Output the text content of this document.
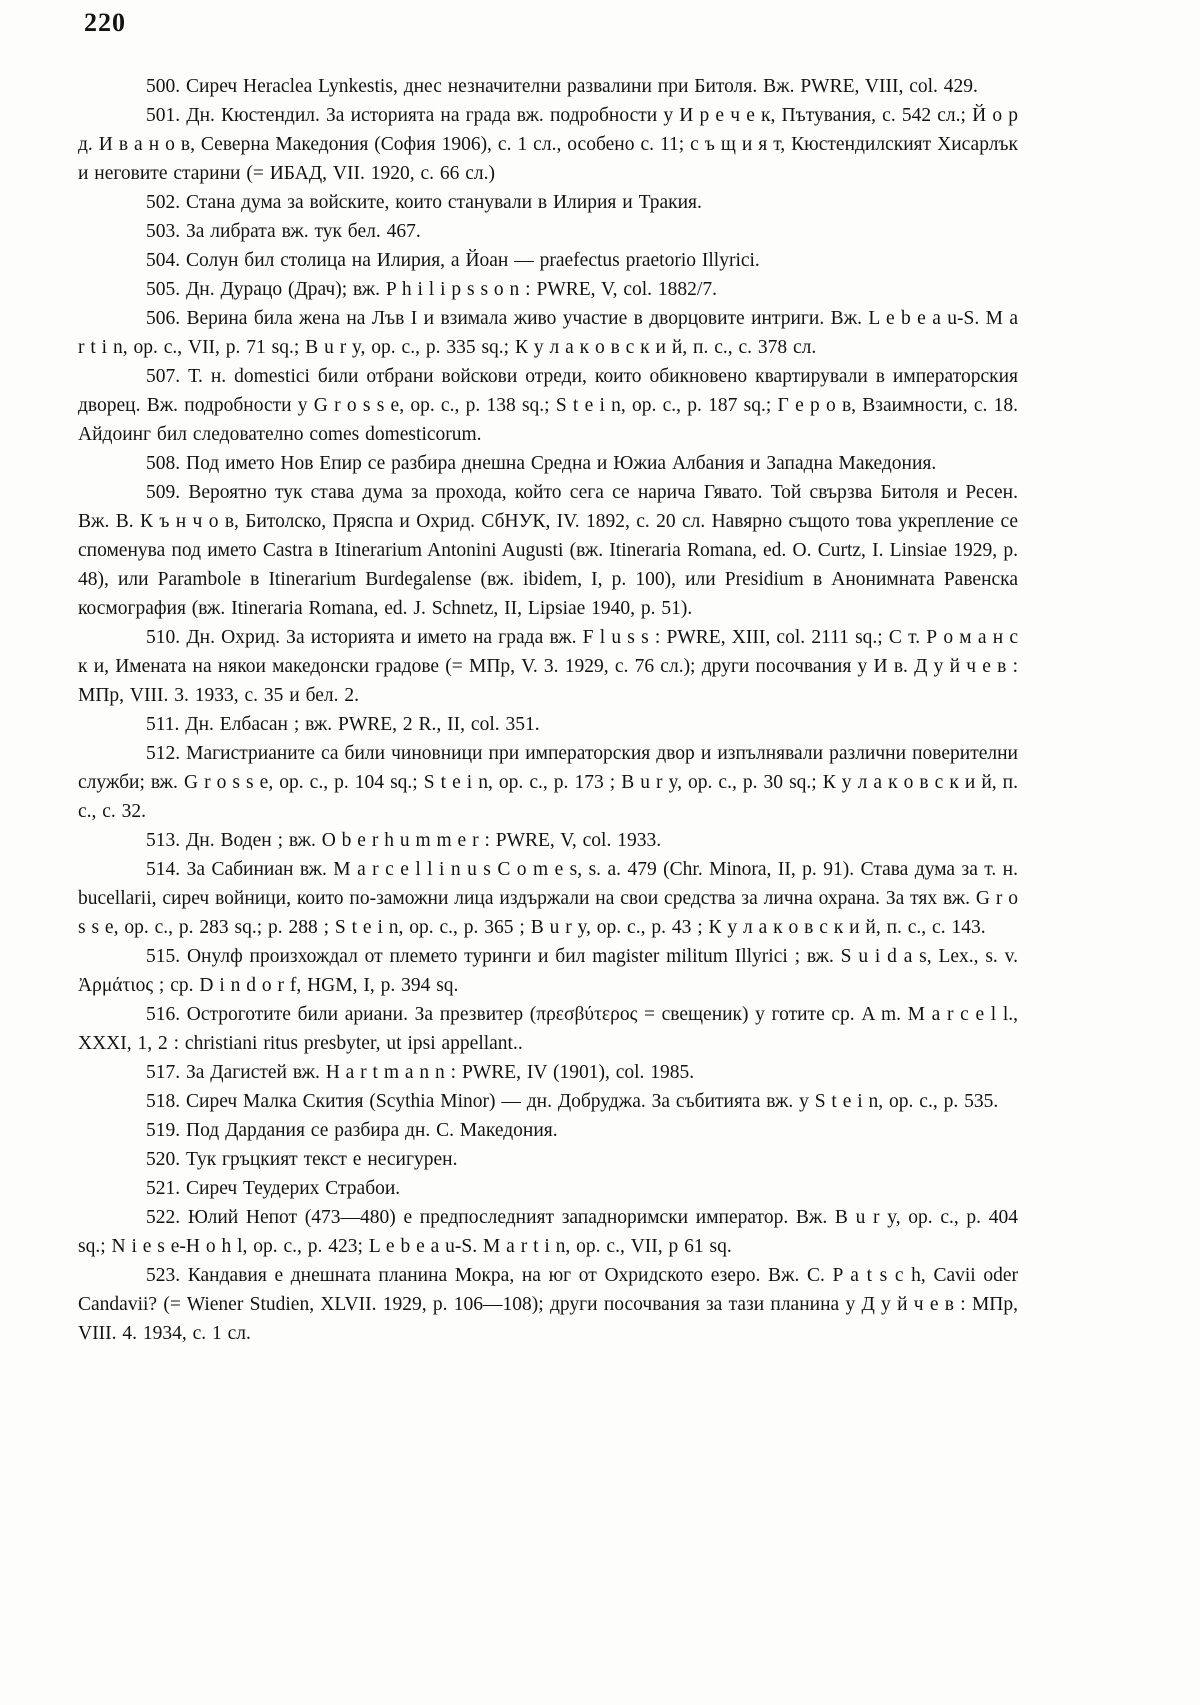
220

500. Сиреч Heraclea Lynkestis, днес незначителни развалини при Битоля. Вж. PWRE, VIII, col. 429.

501. Дн. Кюстендил. За историята на града вж. подробности у И р е ч е к, Пътувания, с. 542 сл.; Й о р д. И в а н о в, Северна Македония (София 1906), с. 1 сл., особено с. 11; с ъ щ и я т, Кюстендилският Хисарлък и неговите старини (= ИБАД, VII. 1920, с. 66 сл.)

502. Стана дума за войските, които станували в Илирия и Тракия.

503. За либрата вж. тук бел. 467.

504. Солун бил столица на Илирия, а Йоан — praefectus praetorio Illyrici.

505. Дн. Дурацо (Драч); вж. P h i l i p s s o n : PWRE, V, col. 1882/7.

506. Верина била жена на Лъв I и взимала живо участие в дворцовите интриги. Вж. L e b e a u-S. M a r t i n, op. с., VII, p. 71 sq.; B u r y, op. с., p. 335 sq.; К у л а к о в с к и й, п. с., с. 378 сл.

507. Т. н. domestici били отбрани войскови отреди, които обикновено квартирували в императорския дворец. Вж. подробности у G r o s s e, op. с., p. 138 sq.; S t e i n, op. с., p. 187 sq.; Г е р о в, Взаимности, с. 18. Айдоинг бил следователно comes domesticorum.

508. Под името Нов Епир се разбира днешна Средна и Южиа Албания и Западна Македония.

509. Вероятно тук става дума за прохода, който сега се нарича Гявато. Той свързва Битоля и Ресен. Вж. В. К ъ н ч о в, Битолско, Пряспа и Охрид. СбНУК, IV. 1892, с. 20 сл. Навярно същото това укрепление се споменува под името Castra в Itinerarium Antonini Augusti (вж. Itineraria Romana, ed. O. Curtz, I. Linsiae 1929, p. 48), или Parambole в Itinerarium Burdegalense (вж. ibidem, I, p. 100), или Presidium в Анонимната Равенска космография (вж. Itineraria Romana, ed. J. Schnetz, II, Lipsiae 1940, p. 51).

510. Дн. Охрид. За историята и името на града вж. F l u s s : PWRE, XIII, col. 2111 sq.; С т. Р о м а н с к и, Имената на някои македонски градове (= МПр, V. 3. 1929, с. 76 сл.); други посочвания у И в. Д у й ч е в : МПр, VIII. 3. 1933, с. 35 и бел. 2.

511. Дн. Елбасан ; вж. PWRE, 2 R., II, col. 351.

512. Магистрианите са били чиновници при императорския двор и изпълнявали различни поверителни служби; вж. G r o s s e, op. с., p. 104 sq.; S t e i n, op. с., p. 173 ; B u r y, op. с., p. 30 sq.; К у л а к о в с к и й, п. с., с. 32.

513. Дн. Воден ; вж. O b e r h u m m e r : PWRE, V, col. 1933.

514. За Сабиниан вж. M a r c e l l i n u s C o m e s, s. a. 479 (Chr. Minora, II, p. 91). Става дума за т. н. bucellarii, сиреч войници, които по-заможни лица издържали на свои средства за лична охрана. За тях вж. G r o s s e, op. с., p. 283 sq.; p. 288 ; S t e i n, op. с., p. 365 ; B u r y, op. с., p. 43 ; К у л а к о в с к и й, п. с., с. 143.

515. Онулф произхождал от племето туринги и бил magister militum Illyrici ; вж. S u i d a s, Lex., s. v. Ἀρμάτιος ; ср. D i n d o r f, HGM, I, p. 394 sq.

516. Остроготите били ариани. За презвитер (πρεσβύτερος = свещеник) у готите ср. A m. M a r c e l l., XXXI, 1, 2 : christiani ritus presbyter, ut ipsi appellant..

517. За Дагистей вж. H a r t m a n n : PWRE, IV (1901), col. 1985.

518. Сиреч Малка Скития (Scythia Minor) — дн. Добруджа. За събитията вж. у S t e i n, op. с., p. 535.

519. Под Дардания се разбира дн. С. Македония.

520. Тук гръцкият текст е несигурен.

521. Сиреч Теудерих Страбои.

522. Юлий Непот (473—480) е предпоследният западноримски император. Вж. B u r y, op. с., p. 404 sq.; N i e s e-H o h l, op. с., p. 423; L e b e a u-S. M a r t i n, op. с., VII, p 61 sq.

523. Кандавия е днешната планина Мокра, на юг от Охридското езеро. Вж. C. P a t s c h, Cavii oder Candavii? (= Wiener Studien, XLVII. 1929, p. 106—108); други посочвания за тази планина у Д у й ч е в : МПр, VIII. 4. 1934, с. 1 сл.
